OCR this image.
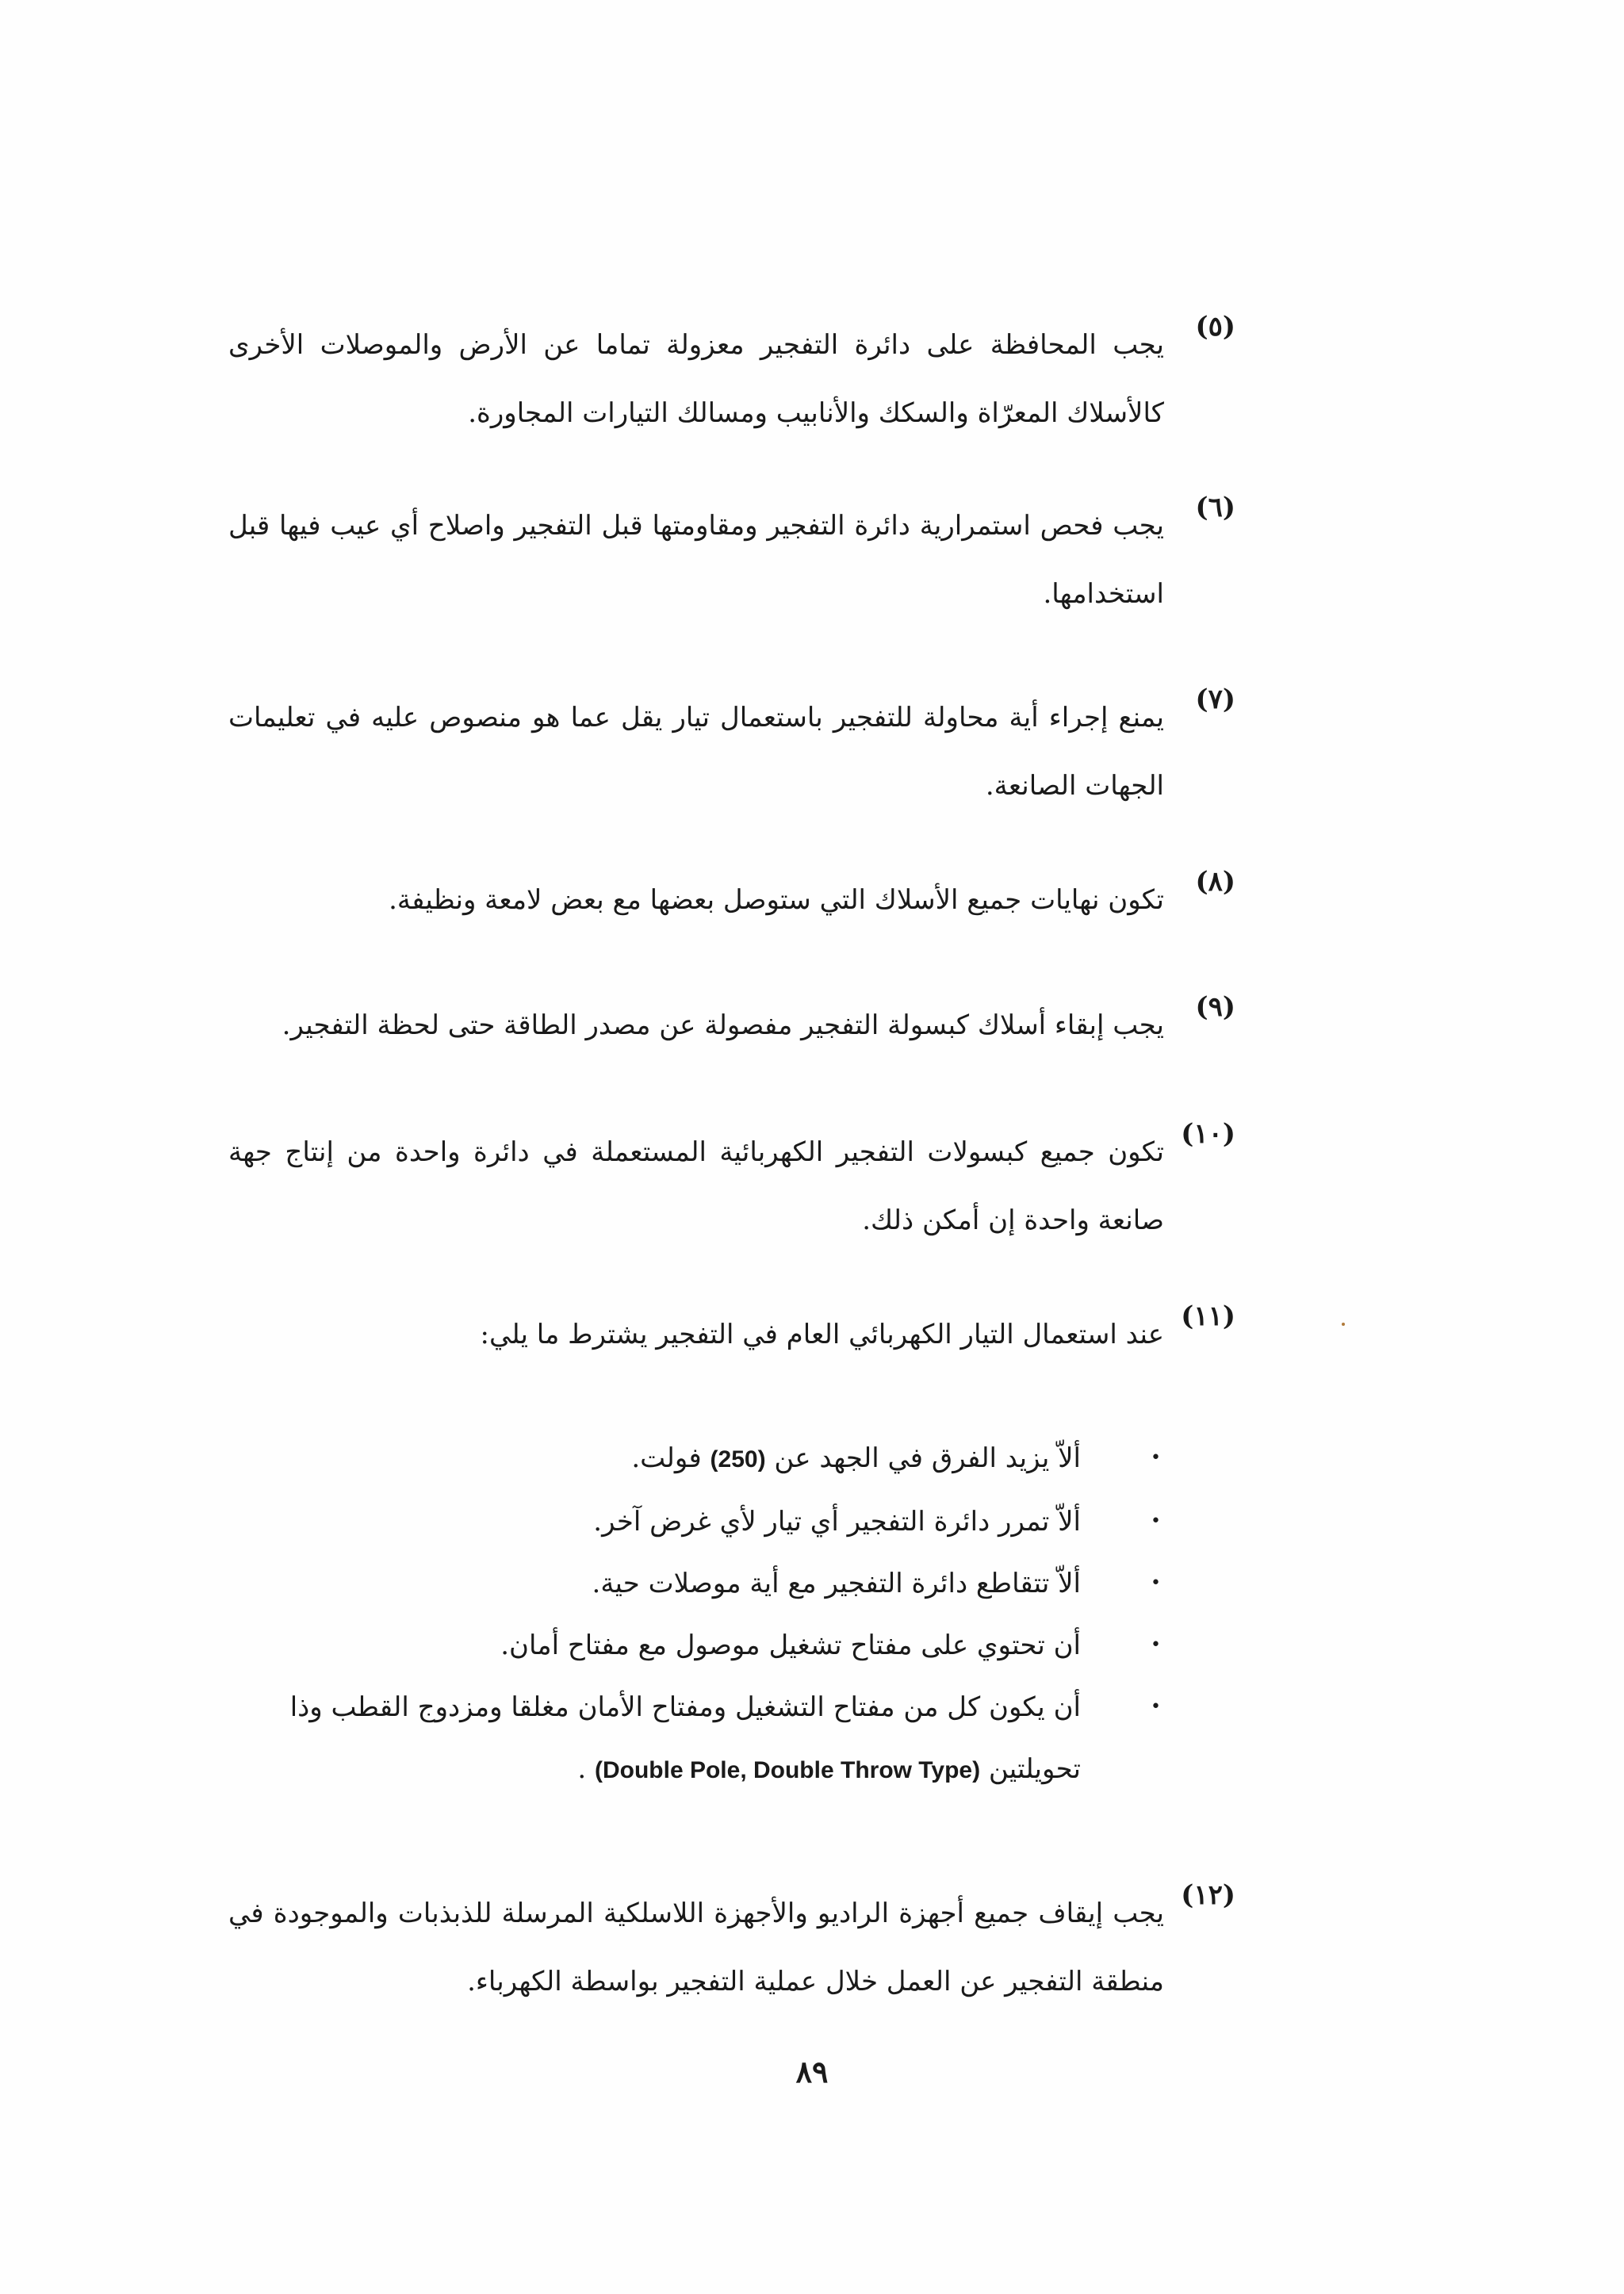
(٥)
يجب المحافظة على دائرة التفجير معزولة تماما عن الأرض والموصلات الأخرى كالأسلاك المعرّاة والسكك والأنابيب ومسالك التيارات المجاورة.
(٦)
يجب فحص استمرارية دائرة التفجير ومقاومتها قبل التفجير واصلاح أي عيب فيها قبل استخدامها.
(٧)
يمنع إجراء أية محاولة للتفجير باستعمال تيار يقل عما هو منصوص عليه في تعليمات الجهات الصانعة.
(٨)
تكون نهايات جميع الأسلاك التي ستوصل بعضها مع بعض لامعة ونظيفة.
(٩)
يجب إبقاء أسلاك كبسولة التفجير مفصولة عن مصدر الطاقة حتى لحظة التفجير.
(١٠)
تكون جميع كبسولات التفجير الكهربائية المستعملة في دائرة واحدة من إنتاج جهة صانعة واحدة إن أمكن ذلك.
(١١)
عند استعمال التيار الكهربائي العام في التفجير يشترط ما يلي:
•
ألاّ يزيد الفرق في الجهد عن (250) فولت.
•
ألاّ تمرر دائرة التفجير أي تيار لأي غرض آخر.
•
ألاّ تتقاطع دائرة التفجير مع أية موصلات حية.
•
أن تحتوي على مفتاح تشغيل موصول مع مفتاح أمان.
•
أن يكون كل من مفتاح التشغيل ومفتاح الأمان مغلقا ومزدوج القطب وذا تحويلتين (Double Pole, Double Throw Type) .
(١٢)
يجب إيقاف جميع أجهزة الراديو والأجهزة اللاسلكية المرسلة للذبذبات والموجودة في منطقة التفجير عن العمل خلال عملية التفجير بواسطة الكهرباء.
٨٩
